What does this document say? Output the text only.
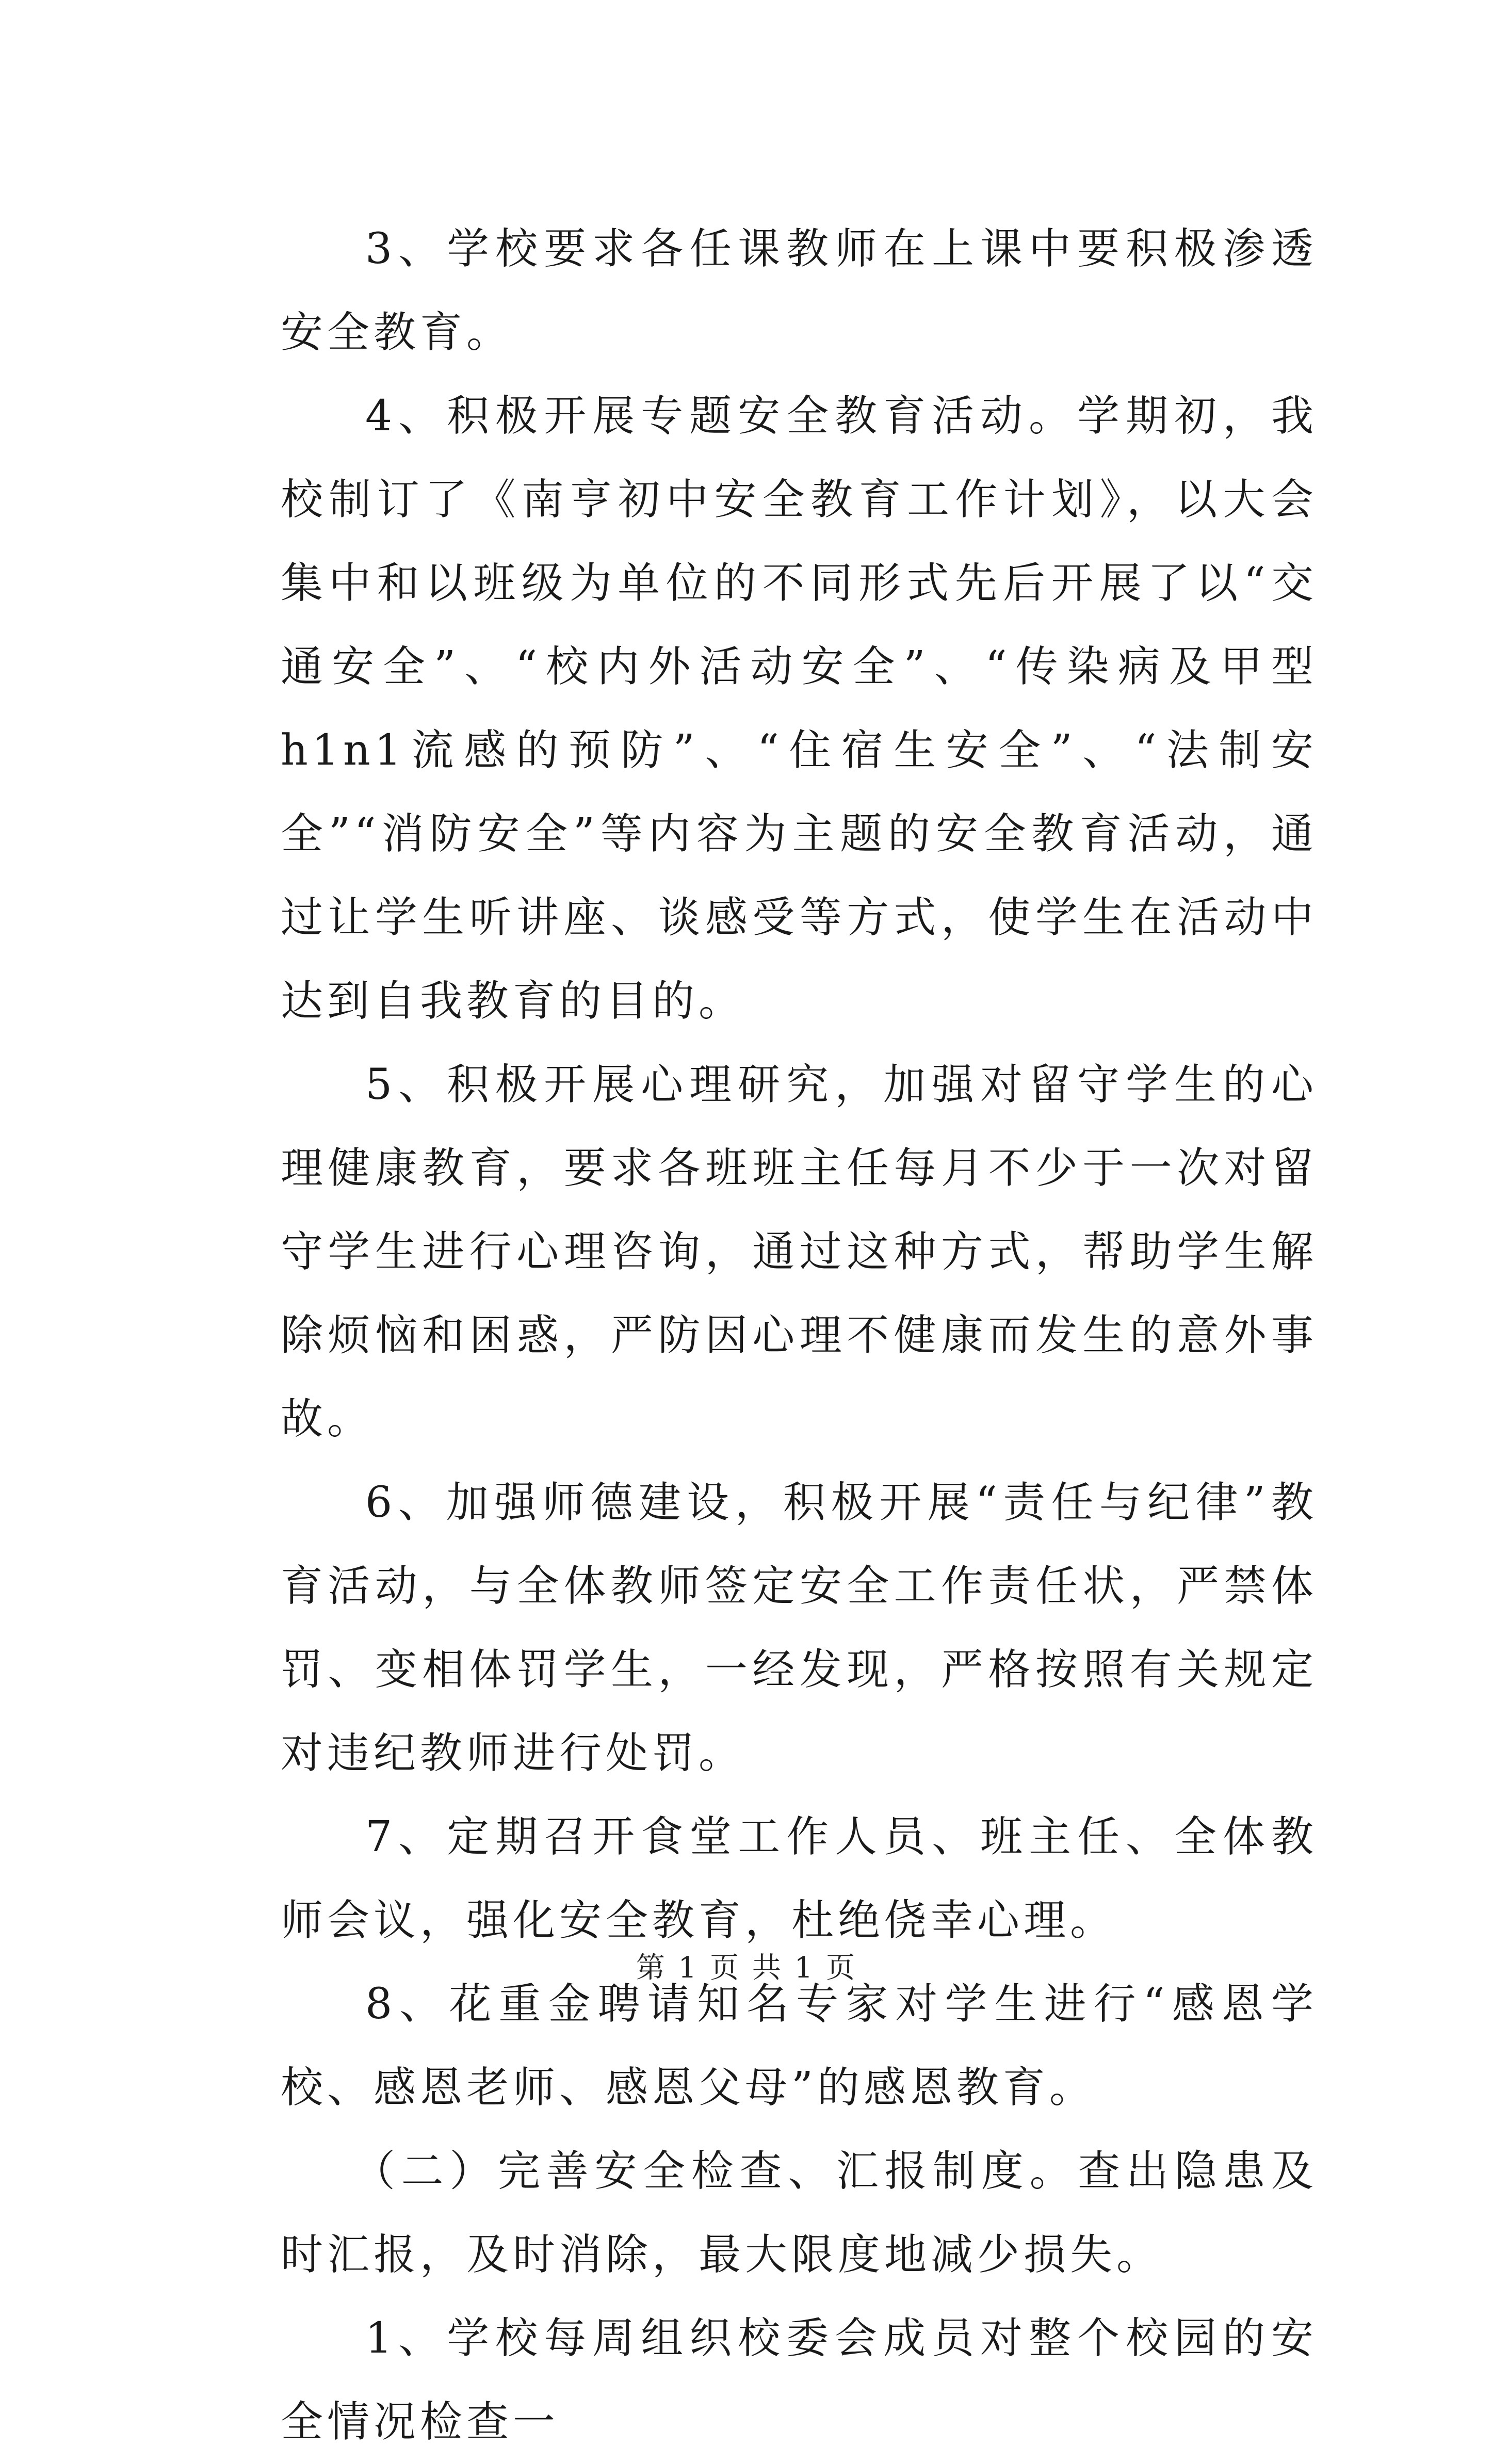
3、学校要求各任课教师在上课中要积极渗透安全教育。

4、积极开展专题安全教育活动。学期初，我校制订了《南亨初中安全教育工作计划》，以大会集中和以班级为单位的不同形式先后开展了以“交通安全”、“校内外活动安全”、“传染病及甲型h1n1流感的预防”、“住宿生安全”、“法制安全”“消防安全”等内容为主题的安全教育活动，通过让学生听讲座、谈感受等方式，使学生在活动中达到自我教育的目的。

5、积极开展心理研究，加强对留守学生的心理健康教育，要求各班班主任每月不少于一次对留守学生进行心理咨询，通过这种方式，帮助学生解除烦恼和困惑，严防因心理不健康而发生的意外事故。

6、加强师德建设，积极开展“责任与纪律”教育活动，与全体教师签定安全工作责任状，严禁体罚、变相体罚学生，一经发现，严格按照有关规定对违纪教师进行处罚。

7、定期召开食堂工作人员、班主任、全体教师会议，强化安全教育，杜绝侥幸心理。

8、花重金聘请知名专家对学生进行“感恩学校、感恩老师、感恩父母”的感恩教育。

（二）完善安全检查、汇报制度。查出隐患及时汇报，及时消除，最大限度地减少损失。

1、学校每周组织校委会成员对整个校园的安全情况检查一

第 1 页 共 1 页
